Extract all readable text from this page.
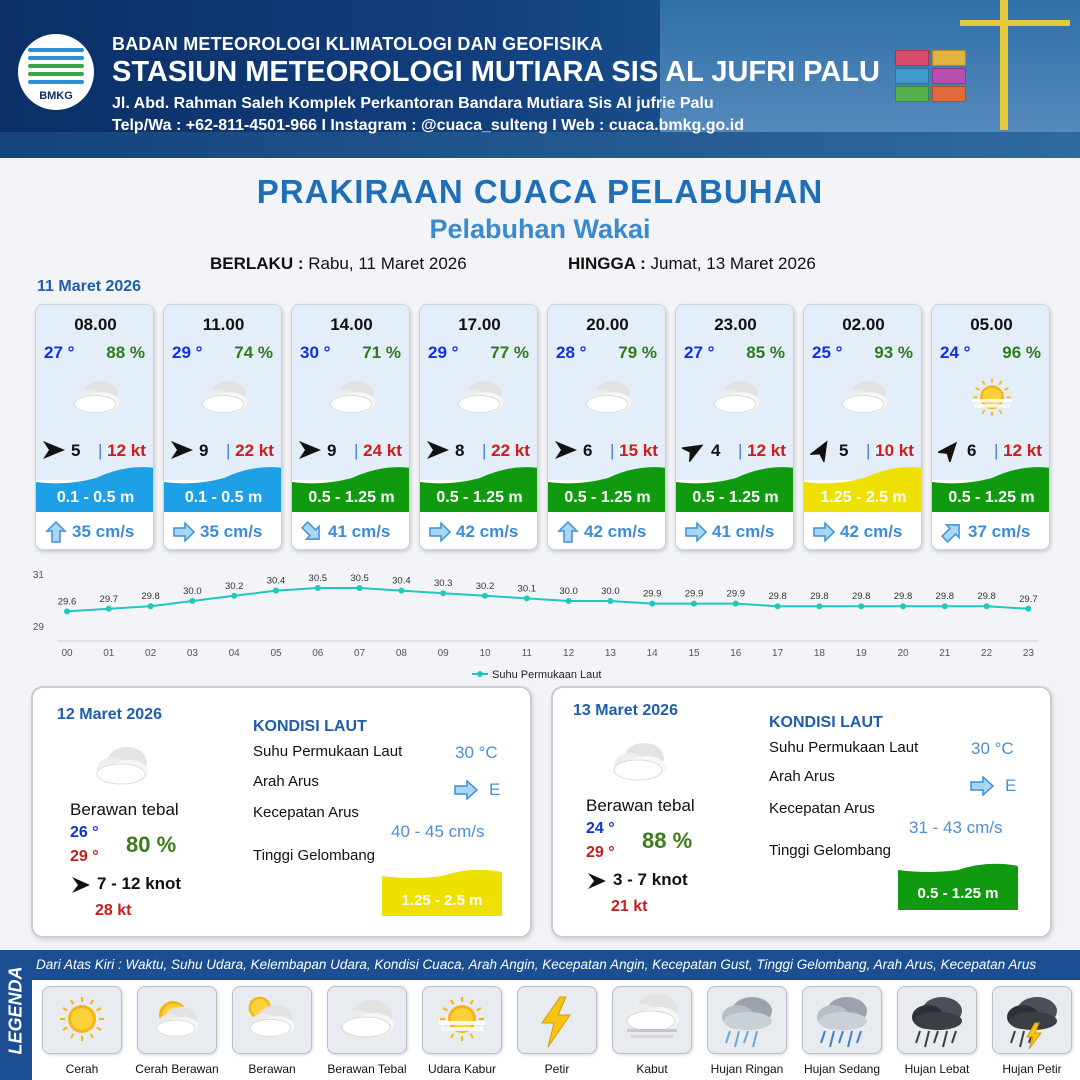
BMKG
BADAN METEOROLOGI KLIMATOLOGI DAN GEOFISIKA
STASIUN METEOROLOGI MUTIARA SIS AL JUFRI PALU
Jl. Abd. Rahman Saleh Komplek Perkantoran Bandara Mutiara Sis Al jufrie Palu
Telp/Wa : +62-811-4501-966 I Instagram : @cuaca_sulteng I Web : cuaca.bmkg.go.id
PRAKIRAAN CUACA PELABUHAN
Pelabuhan Wakai
BERLAKU : Rabu, 11 Maret 2026	HINGGA : Jumat, 13 Maret 2026
11 Maret 2026
08.00
27 ° 88 %
5 | 12 kt
0.1 - 0.5 m
35 cm/s
11.00
29 ° 74 %
9 | 22 kt
0.1 - 0.5 m
35 cm/s
14.00
30 ° 71 %
9 | 24 kt
0.5 - 1.25 m
41 cm/s
17.00
29 ° 77 %
8 | 22 kt
0.5 - 1.25 m
42 cm/s
20.00
28 ° 79 %
6 | 15 kt
0.5 - 1.25 m
42 cm/s
23.00
27 ° 85 %
4 | 12 kt
0.5 - 1.25 m
41 cm/s
02.00
25 ° 93 %
5 | 10 kt
1.25 - 2.5 m
42 cm/s
05.00
24 ° 96 %
6 | 12 kt
0.5 - 1.25 m
37 cm/s
31
29
29.6
00
29.7
01
29.8
02
30.0
03
30.2
04
30.4
05
30.5
06
30.5
07
30.4
08
30.3
09
30.2
10
30.1
11
30.0
12
30.0
13
29.9
14
29.9
15
29.9
16
29.8
17
29.8
18
29.8
19
29.8
20
29.8
21
29.8
22
29.7
23
Suhu Permukaan Laut
12 Maret 2026
Berawan tebal
26 °
29 ° 80 %
7 - 12 knot
28 kt
KONDISI LAUT
Suhu Permukaan Laut	30 °C
Arah Arus	E
Kecepatan Arus
40 - 45 cm/s
Tinggi Gelombang
1.25 - 2.5 m
13 Maret 2026
Berawan tebal
24 °
29 ° 88 %
3 - 7 knot
21 kt
KONDISI LAUT
Suhu Permukaan Laut	30 °C
Arah Arus	E
Kecepatan Arus
31 - 43 cm/s
Tinggi Gelombang
0.5 - 1.25 m
LEGENDA
Dari Atas Kiri : Waktu, Suhu Udara, Kelembapan Udara, Kondisi Cuaca, Arah Angin, Kecepatan Angin, Kecepatan Gust, Tinggi Gelombang, Arah Arus, Kecepatan Arus
Cerah	Cerah Berawan	Berawan	Berawan Tebal	Udara Kabur	Petir	Kabut	Hujan Ringan	Hujan Sedang	Hujan Lebat	Hujan Petir
